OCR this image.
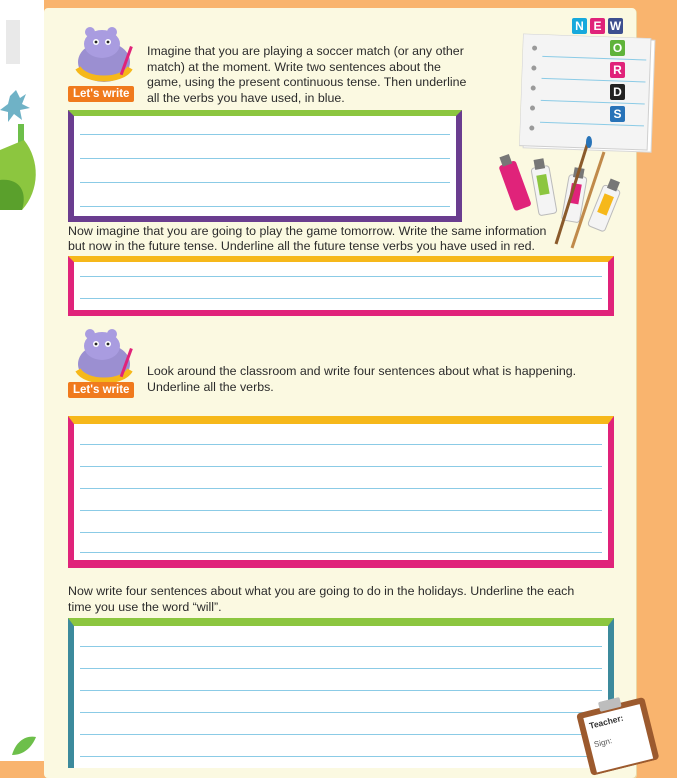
Let's write
Imagine that you are playing a soccer match (or any other
match) at the moment. Write two sentences about the
game, using the present continuous tense. Then underline
all the verbs you have used, in blue.
N E W
O
R
D
S
Now imagine that you are going to play the game tomorrow. Write the same information
but now in the future tense. Underline all the future tense verbs you have used in red.
Let's write
Look around the classroom and write four sentences about what is happening.
Underline all the verbs.
Now write four sentences about what you are going to do in the holidays. Underline the each
time you use the word “will”.
Teacher:
Sign:
